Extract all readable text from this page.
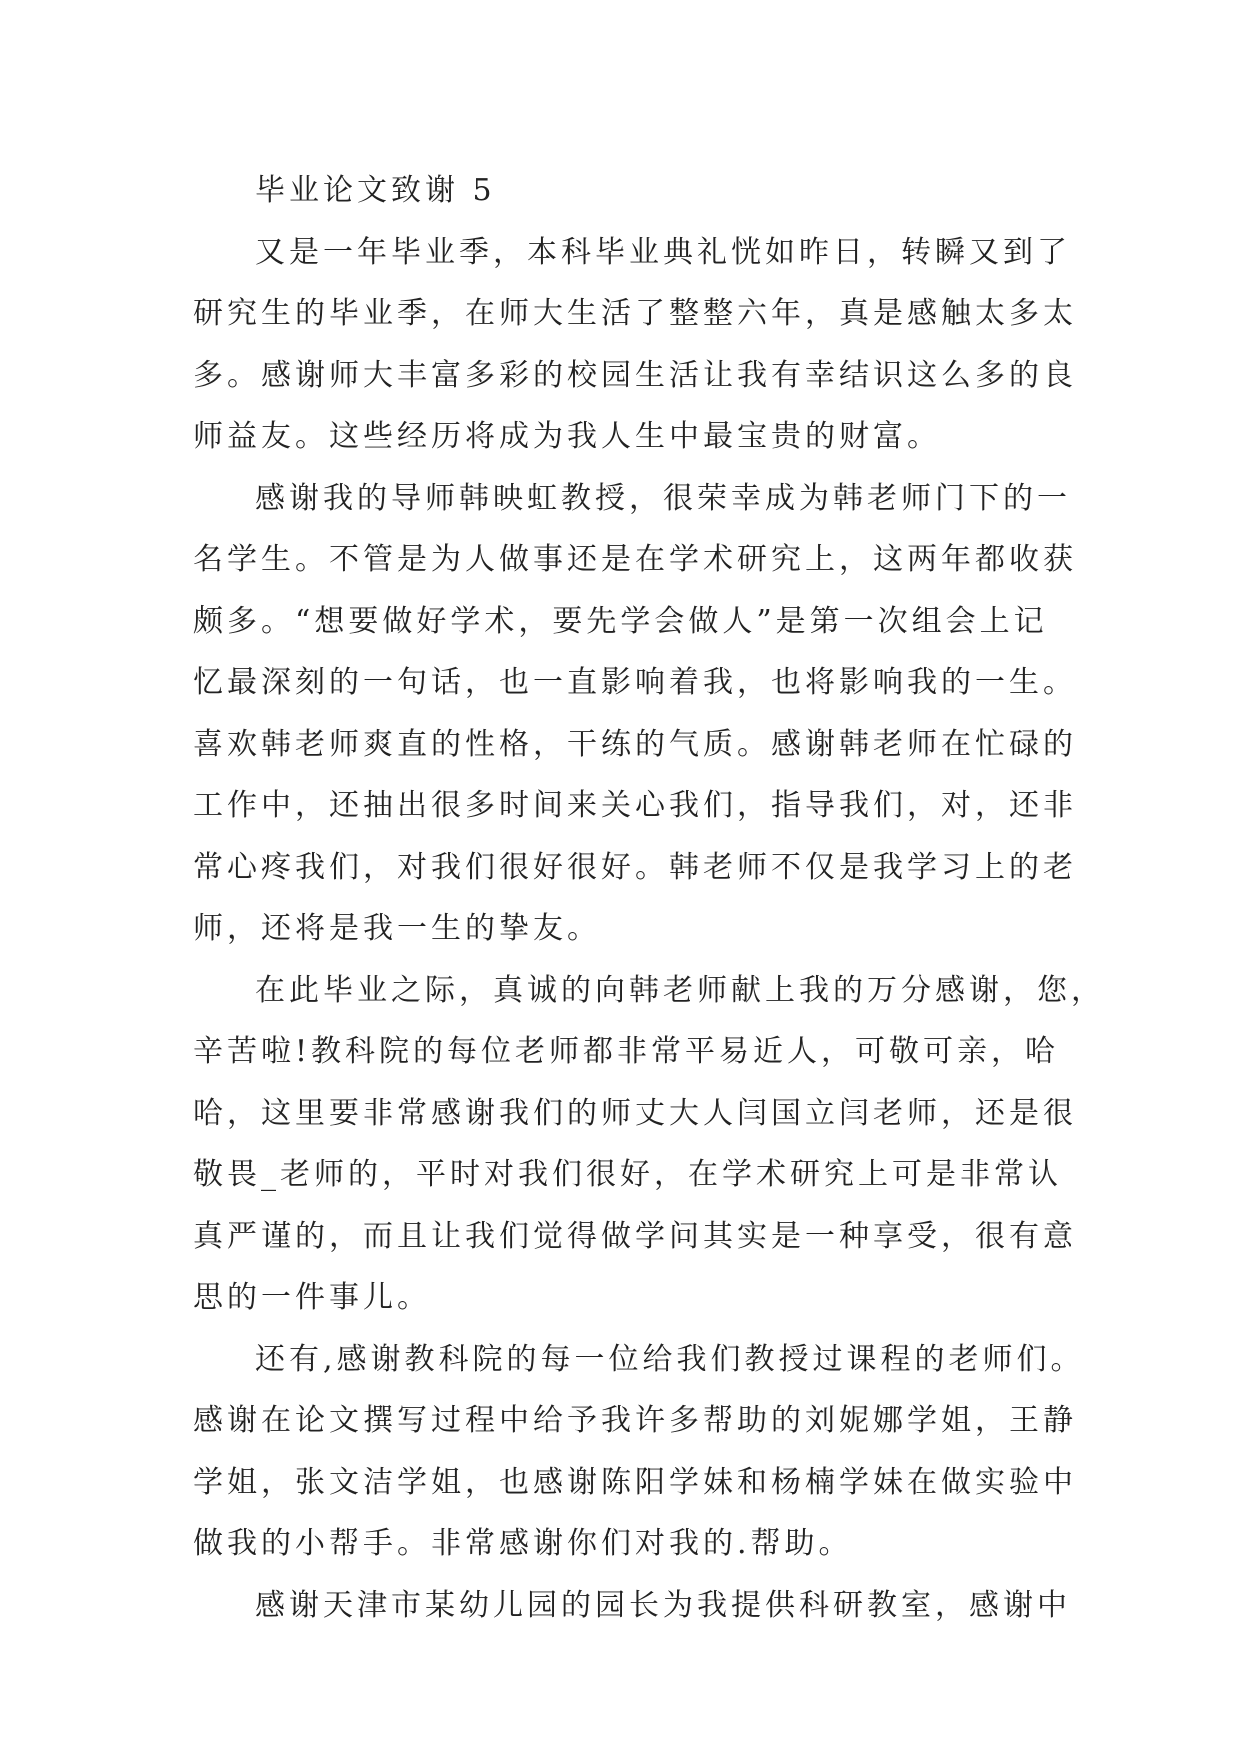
毕业论文致谢 5
又是一年毕业季，本科毕业典礼恍如昨日，转瞬又到了
研究生的毕业季，在师大生活了整整六年，真是感触太多太
多。感谢师大丰富多彩的校园生活让我有幸结识这么多的良
师益友。这些经历将成为我人生中最宝贵的财富。
感谢我的导师韩映虹教授，很荣幸成为韩老师门下的一
名学生。不管是为人做事还是在学术研究上，这两年都收获
颇多。“想要做好学术，要先学会做人”是第一次组会上记
忆最深刻的一句话，也一直影响着我，也将影响我的一生。
喜欢韩老师爽直的性格，干练的气质。感谢韩老师在忙碌的
工作中，还抽出很多时间来关心我们，指导我们，对，还非
常心疼我们，对我们很好很好。韩老师不仅是我学习上的老
师，还将是我一生的挚友。
在此毕业之际，真诚的向韩老师献上我的万分感谢，您，
辛苦啦!教科院的每位老师都非常平易近人，可敬可亲，哈
哈，这里要非常感谢我们的师丈大人闫国立闫老师，还是很
敬畏_老师的，平时对我们很好，在学术研究上可是非常认
真严谨的，而且让我们觉得做学问其实是一种享受，很有意
思的一件事儿。
还有,感谢教科院的每一位给我们教授过课程的老师们。
感谢在论文撰写过程中给予我许多帮助的刘妮娜学姐，王静
学姐，张文洁学姐，也感谢陈阳学妹和杨楠学妹在做实验中
做我的小帮手。非常感谢你们对我的.帮助。
感谢天津市某幼儿园的园长为我提供科研教室，感谢中
